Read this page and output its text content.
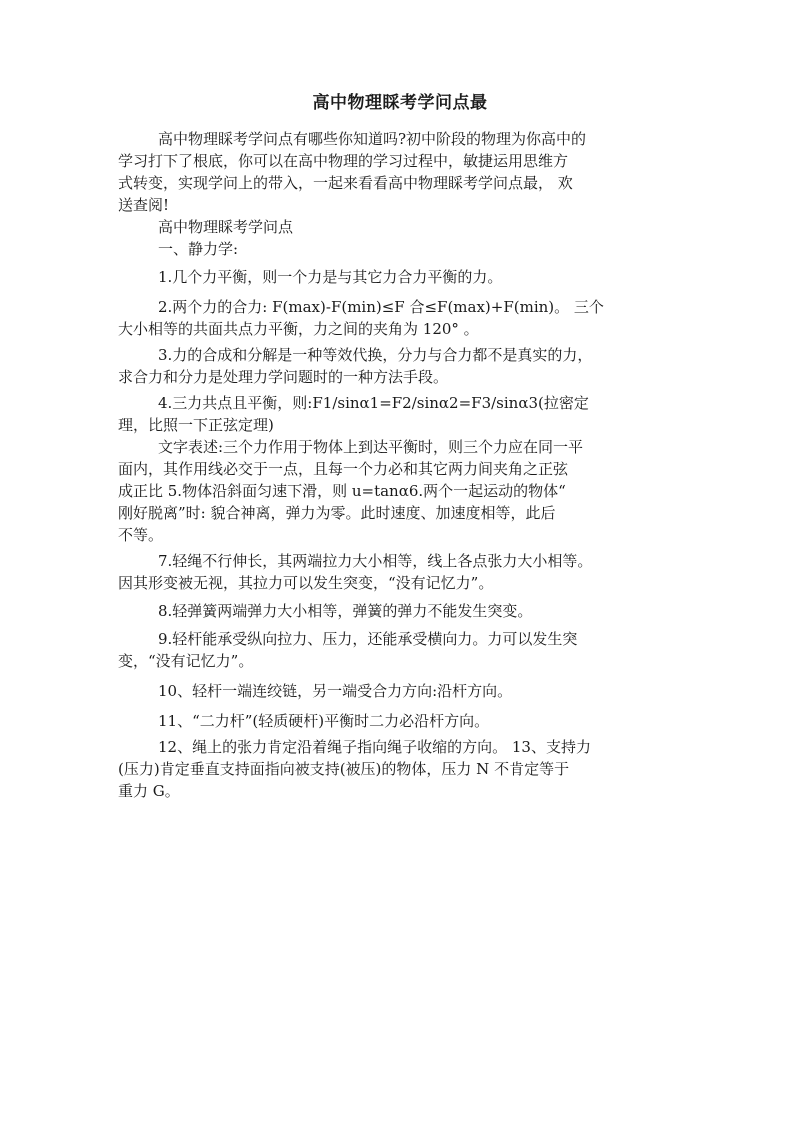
高中物理睬考学问点最
高中物理睬考学问点有哪些你知道吗?初中阶段的物理为你高中的
学习打下了根底，你可以在高中物理的学习过程中，敏捷运用思维方
式转变，实现学问上的带入，一起来看看高中物理睬考学问点最， 欢
送查阅!
高中物理睬考学问点
一、静力学:
1.几个力平衡，则一个力是与其它力合力平衡的力。
2.两个力的合力: F(max)-F(min)≤F 合≤F(max)+F(min)。 三个
大小相等的共面共点力平衡，力之间的夹角为 120° 。
3.力的合成和分解是一种等效代换，分力与合力都不是真实的力，
求合力和分力是处理力学问题时的一种方法手段。
4.三力共点且平衡，则:F1/sinα1=F2/sinα2=F3/sinα3(拉密定
理，比照一下正弦定理)
文字表述:三个力作用于物体上到达平衡时，则三个力应在同一平
面内，其作用线必交于一点，且每一个力必和其它两力间夹角之正弦
成正比 5.物体沿斜面匀速下滑，则 u=tanα6.两个一起运动的物体“
刚好脱离”时: 貌合神离，弹力为零。此时速度、加速度相等，此后
不等。
7.轻绳不行伸长，其两端拉力大小相等，线上各点张力大小相等。
因其形变被无视，其拉力可以发生突变，“没有记忆力”。
8.轻弹簧两端弹力大小相等，弹簧的弹力不能发生突变。
9.轻杆能承受纵向拉力、压力，还能承受横向力。力可以发生突
变，“没有记忆力”。
10、轻杆一端连绞链，另一端受合力方向:沿杆方向。
11、“二力杆”(轻质硬杆)平衡时二力必沿杆方向。
12、绳上的张力肯定沿着绳子指向绳子收缩的方向。 13、支持力
(压力)肯定垂直支持面指向被支持(被压)的物体，压力 N 不肯定等于
重力 G。
